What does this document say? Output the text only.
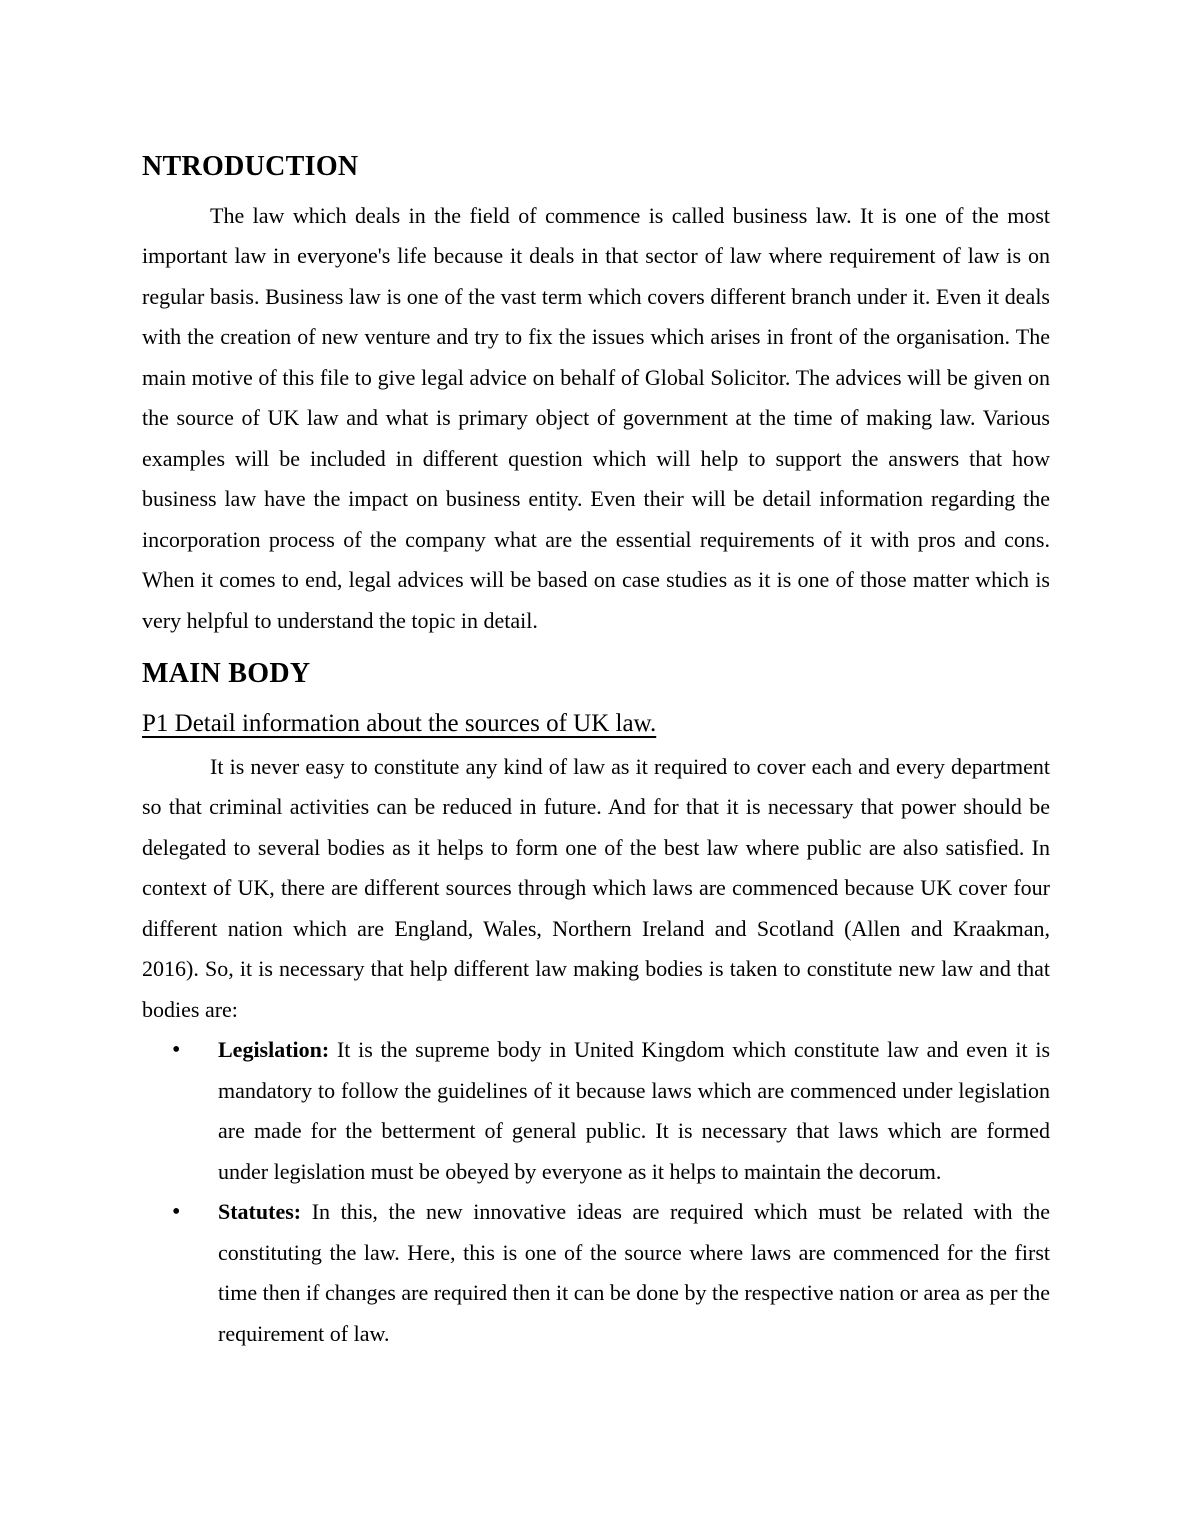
NTRODUCTION

The law which deals in the field of commence is called business law. It is one of the most important law in everyone's life because it deals in that sector of law where requirement of law is on regular basis. Business law is one of the vast term which covers different branch under it. Even it deals with the creation of new venture and try to fix the issues which arises in front of the organisation. The main motive of this file to give legal advice on behalf of Global Solicitor. The advices will be given on the source of UK law and what is primary object of government at the time of making law. Various examples will be included in different question which will help to support the answers that how business law have the impact on business entity. Even their will be detail information regarding the incorporation process of the company what are the essential requirements of it with pros and cons. When it comes to end, legal advices will be based on case studies as it is one of those matter which is very helpful to understand the topic in detail.

MAIN BODY
P1 Detail information about the sources of UK law.

It is never easy to constitute any kind of law as it required to cover each and every department so that criminal activities can be reduced in future. And for that it is necessary that power should be delegated to several bodies as it helps to form one of the best law where public are also satisfied. In context of UK, there are different sources through which laws are commenced because UK cover four different nation which are England, Wales, Northern Ireland and Scotland (Allen and Kraakman, 2016). So, it is necessary that help different law making bodies is taken to constitute new law and that bodies are:

• Legislation: It is the supreme body in United Kingdom which constitute law and even it is mandatory to follow the guidelines of it because laws which are commenced under legislation are made for the betterment of general public. It is necessary that laws which are formed under legislation must be obeyed by everyone as it helps to maintain the decorum.
• Statutes: In this, the new innovative ideas are required which must be related with the constituting the law. Here, this is one of the source where laws are commenced for the first time then if changes are required then it can be done by the respective nation or area as per the requirement of law.
